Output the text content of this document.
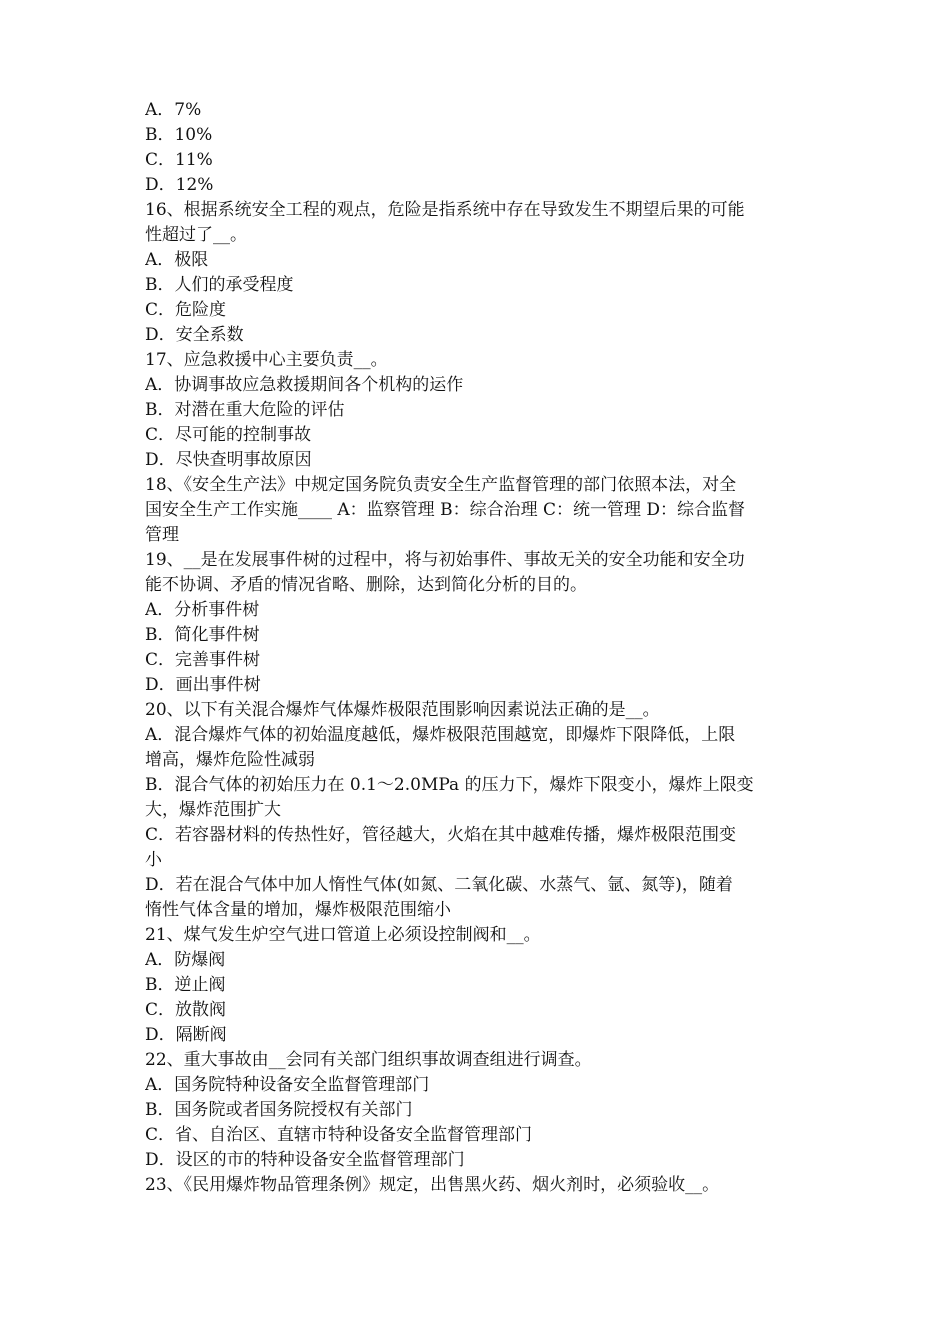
A．7%
B．10%
C．11%
D．12%
16、根据系统安全工程的观点，危险是指系统中存在导致发生不期望后果的可能
性超过了__。
A．极限
B．人们的承受程度
C．危险度
D．安全系数
17、应急救援中心主要负责__。
A．协调事故应急救援期间各个机构的运作
B．对潜在重大危险的评估
C．尽可能的控制事故
D．尽快查明事故原因
18、《安全生产法》中规定国务院负责安全生产监督管理的部门依照本法，对全
国安全生产工作实施____ A：监察管理 B：综合治理 C：统一管理 D：综合监督
管理
19、__是在发展事件树的过程中，将与初始事件、事故无关的安全功能和安全功
能不协调、矛盾的情况省略、删除，达到简化分析的目的。
A．分析事件树
B．简化事件树
C．完善事件树
D．画出事件树
20、以下有关混合爆炸气体爆炸极限范围影响因素说法正确的是__。
A．混合爆炸气体的初始温度越低，爆炸极限范围越宽，即爆炸下限降低，上限
增高，爆炸危险性减弱
B．混合气体的初始压力在 0.1～2.0MPa 的压力下，爆炸下限变小，爆炸上限变
大，爆炸范围扩大
C．若容器材料的传热性好，管径越大，火焰在其中越难传播，爆炸极限范围变
小
D．若在混合气体中加人惰性气体(如氮、二氧化碳、水蒸气、氩、氮等)，随着
惰性气体含量的增加，爆炸极限范围缩小
21、煤气发生炉空气进口管道上必须设控制阀和__。
A．防爆阀
B．逆止阀
C．放散阀
D．隔断阀
22、重大事故由__会同有关部门组织事故调查组进行调查。
A．国务院特种设备安全监督管理部门
B．国务院或者国务院授权有关部门
C．省、自治区、直辖市特种设备安全监督管理部门
D．设区的市的特种设备安全监督管理部门
23、《民用爆炸物品管理条例》规定，出售黑火药、烟火剂时，必须验收__。
